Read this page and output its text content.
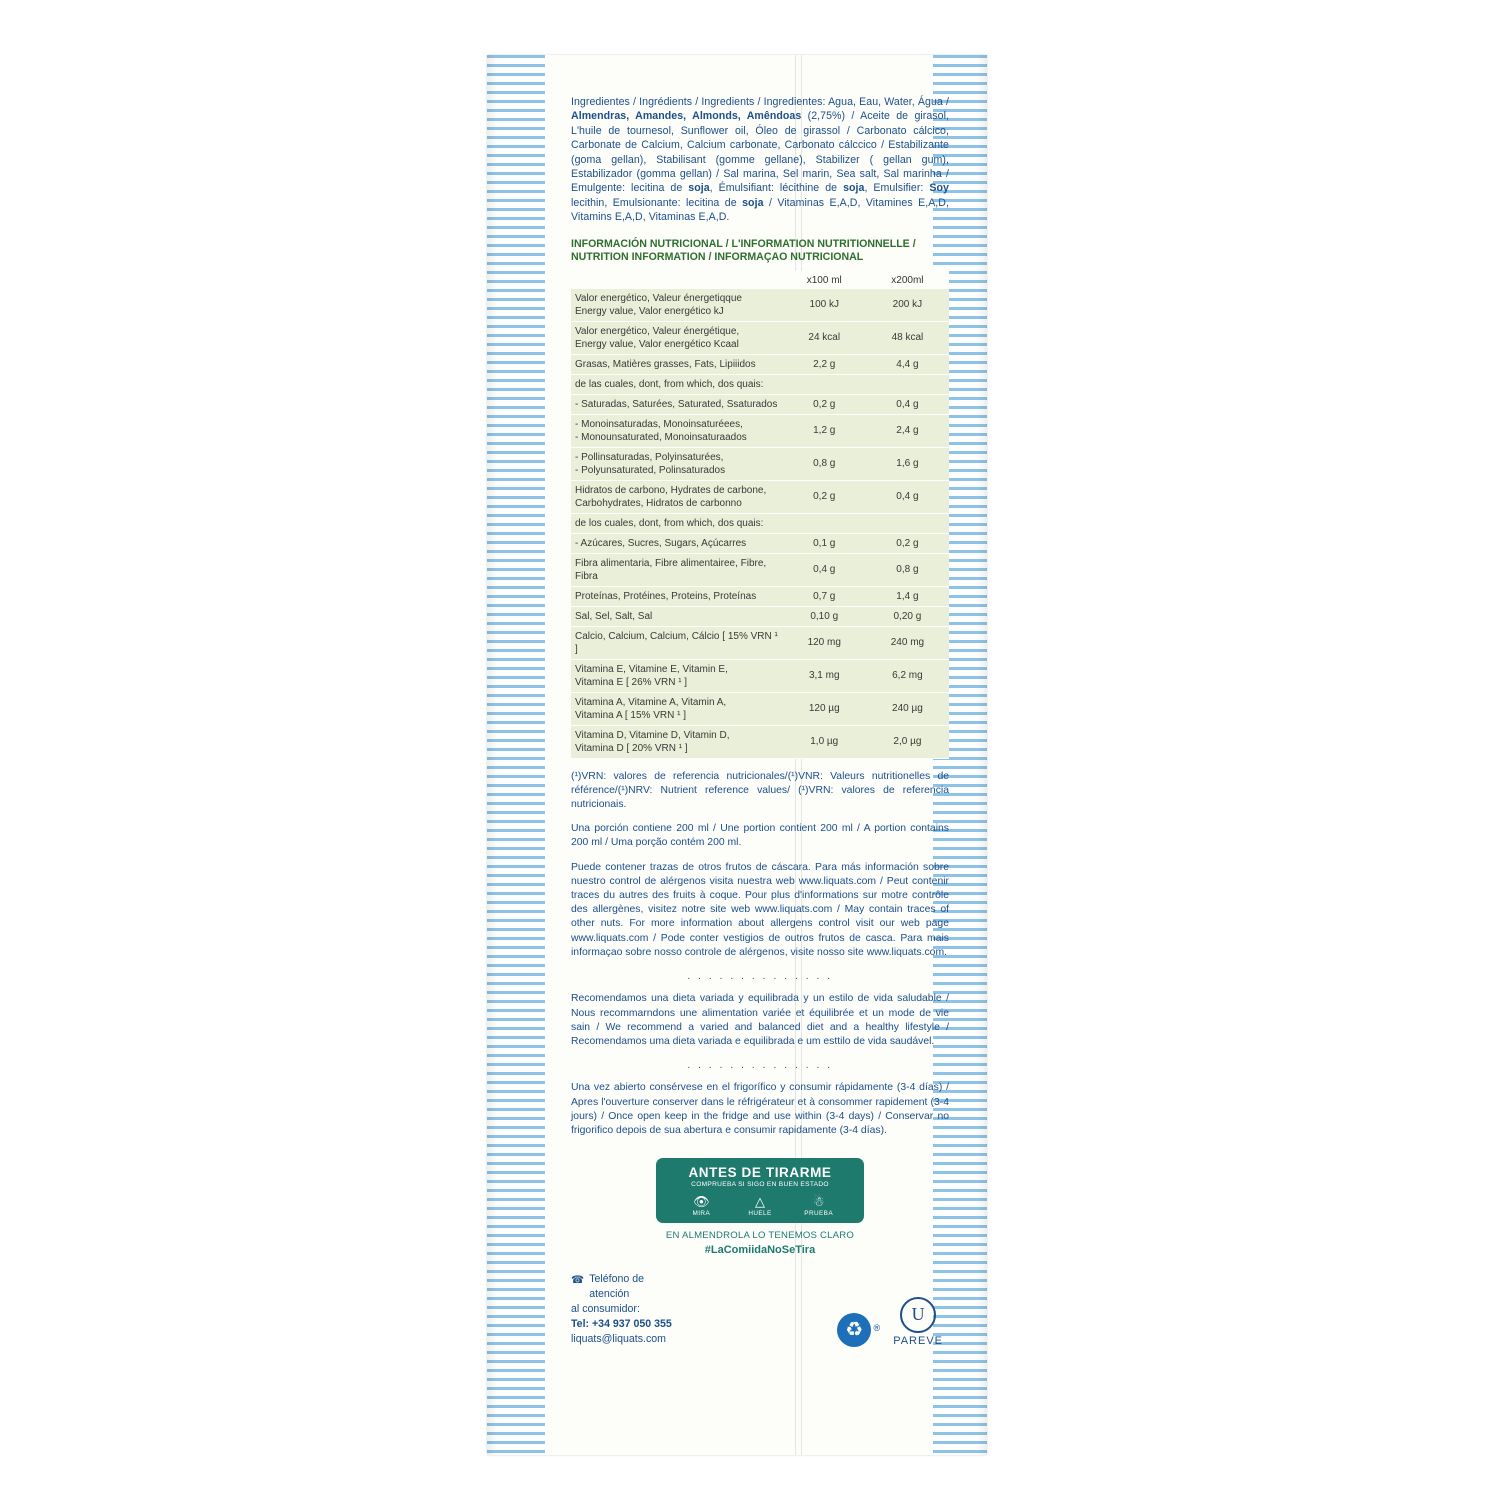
Ingredientes / Ingrédients / Ingredients / Ingredientes: Agua, Eau, Water, Água / Almendras, Amandes, Almonds, Amêndoas (2,75%) / Aceite de girasol, L'huile de tournesol, Sunflower oil, Óleo de girassol / Carbonato cálcico, Carbonate de Calcium, Calcium carbonate, Carbonato cálccico / Estabilizante (goma gellan), Stabilisant (gomme gellane), Stabilizer ( gellan gum), Estabilizador (gomma gellan) / Sal marina, Sel marin, Sea salt, Sal marinha / Emulgente: lecitina de soja, Émulsifiant: lécithine de soja, Emulsifier: Soy lecithin, Emulsionante: lecitina de soja / Vitaminas E,A,D, Vitamines E,A,D, Vitamins E,A,D, Vitaminas E,A,D.
INFORMACIÓN NUTRICIONAL / L'INFORMATION NUTRITIONNELLE /
NUTRITION INFORMATION / INFORMAÇAO NUTRICIONAL
	x100 ml	x200ml
Valor energético, Valeur énergetiqque
Energy value, Valor energético kJ	100 kJ	200 kJ
Valor energético, Valeur énergétique,
Energy value, Valor energético Kcaal	24 kcal	48 kcal
Grasas, Matières grasses, Fats, Lipiiidos	2,2 g	4,4 g
de las cuales, dont, from which, dos quais:		
- Saturadas, Saturées, Saturated, Ssaturados	0,2 g	0,4 g
- Monoinsaturadas, Monoinsaturéees,
- Monounsaturated, Monoinsaturaados	1,2 g	2,4 g
- Pollinsaturadas, Polyinsaturées,
- Polyunsaturated, Polinsaturados	0,8 g	1,6 g
Hidratos de carbono, Hydrates de carbone,
Carbohydrates, Hidratos de carbonno	0,2 g	0,4 g
de los cuales, dont, from which, dos quais:		
- Azúcares, Sucres, Sugars, Açúcarres	0,1 g	0,2 g
Fibra alimentaria, Fibre alimentairee, Fibre, Fibra	0,4 g	0,8 g
Proteínas, Protéines, Proteins, Proteínas	0,7 g	1,4 g
Sal, Sel, Salt, Sal	0,10 g	0,20 g
Calcio, Calcium, Calcium, Cálcio [ 15% VRN ¹ ]	120 mg	240 mg
Vitamina E, Vitamine E, Vitamin E,
Vitamina E [ 26% VRN ¹ ]	3,1 mg	6,2 mg
Vitamina A, Vitamine A, Vitamin A,
Vitamina A [ 15% VRN ¹ ]	120 µg	240 µg
Vitamina D, Vitamine D, Vitamin D,
Vitamina D [ 20% VRN ¹ ]	1,0 µg	2,0 µg

(¹)VRN: valores de referencia nutricionales/(¹)VNR: Valeurs nutritionelles de référence/(¹)NRV: Nutrient reference values/ (¹)VRN: valores de referencia nutricionais.

Una porción contiene 200 ml / Une portion contient 200 ml / A portion contains 200 ml / Uma porção contém 200 ml.

Puede contener trazas de otros frutos de cáscara. Para más información sobre nuestro control de alérgenos visita nuestra web www.liquats.com / Peut contenir traces du autres des fruits à coque. Pour plus d'informations sur motre contrôle des allergènes, visitez notre site web www.liquats.com / May contain traces of other nuts. For more information about allergens control visit our web page www.liquats.com / Pode conter vestigios de outros frutos de casca. Para mais informaçao sobre nosso controle de alérgenos, visite nosso site www.liquats.com.

. . . . . . . . . . . . . .

Recomendamos una dieta variada y equilibrada y un estilo de vida saludable / Nous recommarndons une alimentation variée et équilibrée et un mode de vie sain / We recommend a varied and balanced diet and a healthy lifestyle / Recomendamos uma dieta variada e equilibrada e um esttilo de vida saudável.

. . . . . . . . . . . . . .

Una vez abierto consérvese en el frigorífico y consumir rápidamente (3-4 días) / Apres l'ouverture conserver dans le réfrigérateur et à consommer rapidement (3-4 jours) / Once open keep in the fridge and use within (3-4 days) / Conservar no frigorifico depois de sua abertura e consumir rapidamente (3-4 días).

ANTES DE TIRARME
COMPRUEBA SI SIGO EN BUEN ESTADO
👁
MIRA
△
HUELE
☃
PRUEBA
EN ALMENDROLA LO TENEMOS CLARO
#LaComiidaNoSeTira
☎ Teléfono de atención
al consumidor:
Tel: +34 937 050 355
liquats@liquats.com	♻ ®
U
PAREVE
